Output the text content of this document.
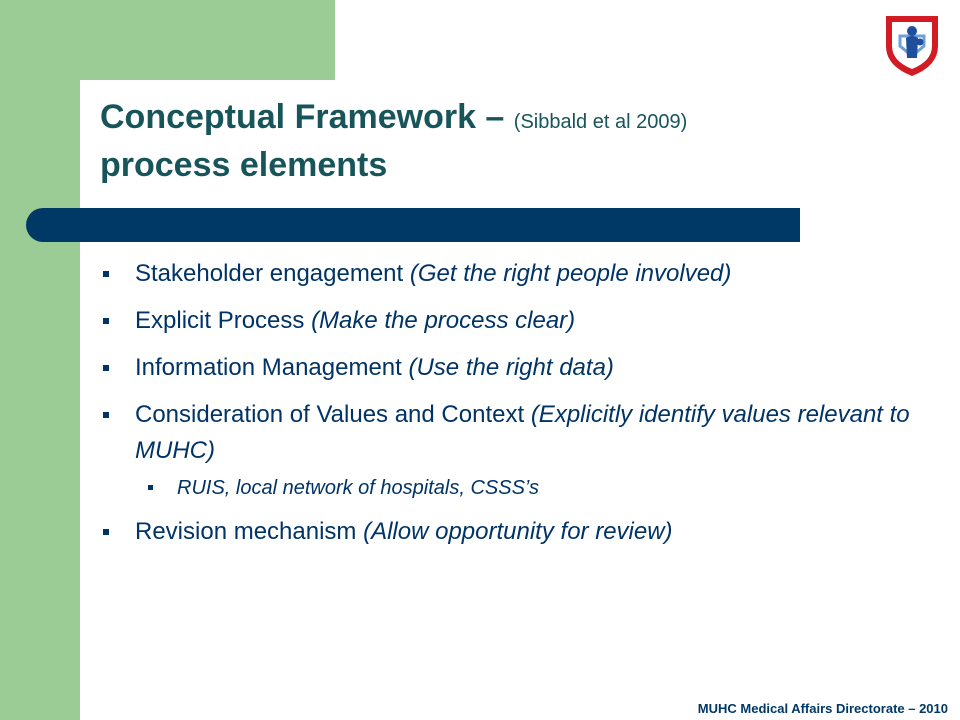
Conceptual Framework – (Sibbald et al 2009)
process elements
Stakeholder engagement (Get the right people involved)
Explicit Process (Make the process clear)
Information Management (Use the right data)
Consideration of Values and Context (Explicitly identify values relevant to MUHC)
RUIS, local network of hospitals, CSSS’s
Revision mechanism (Allow opportunity for review)
MUHC Medical Affairs Directorate – 2010
